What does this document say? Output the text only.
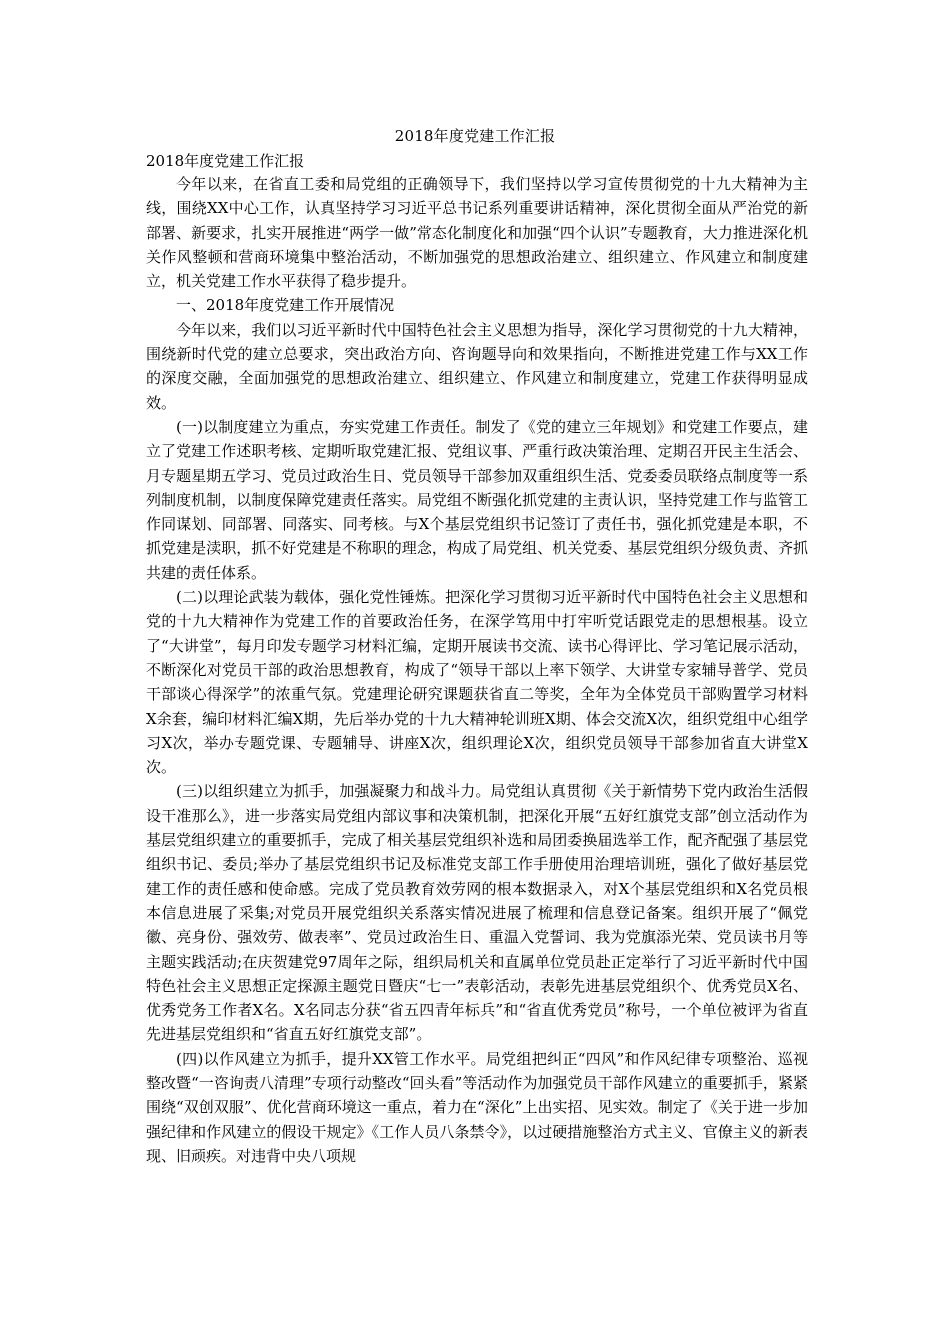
2018年度党建工作汇报
2018年度党建工作汇报

今年以来，在省直工委和局党组的正确领导下，我们坚持以学习宣传贯彻党的十九大精神为主线，围绕XX中心工作，认真坚持学习习近平总书记系列重要讲话精神，深化贯彻全面从严治党的新部署、新要求，扎实开展推进“两学一做”常态化制度化和加强“四个认识”专题教育，大力推进深化机关作风整顿和营商环境集中整治活动，不断加强党的思想政治建立、组织建立、作风建立和制度建立，机关党建工作水平获得了稳步提升。

一、2018年度党建工作开展情况

今年以来，我们以习近平新时代中国特色社会主义思想为指导，深化学习贯彻党的十九大精神，围绕新时代党的建立总要求，突出政治方向、咨询题导向和效果指向，不断推进党建工作与XX工作的深度交融，全面加强党的思想政治建立、组织建立、作风建立和制度建立，党建工作获得明显成效。

(一)以制度建立为重点，夯实党建工作责任。制发了《党的建立三年规划》和党建工作要点，建立了党建工作述职考核、定期听取党建汇报、党组议事、严重行政决策治理、定期召开民主生活会、月专题星期五学习、党员过政治生日、党员领导干部参加双重组织生活、党委委员联络点制度等一系列制度机制，以制度保障党建责任落实。局党组不断强化抓党建的主责认识，坚持党建工作与监管工作同谋划、同部署、同落实、同考核。与X个基层党组织书记签订了责任书，强化抓党建是本职，不抓党建是渎职，抓不好党建是不称职的理念，构成了局党组、机关党委、基层党组织分级负责、齐抓共建的责任体系。

(二)以理论武装为载体，强化党性锤炼。把深化学习贯彻习近平新时代中国特色社会主义思想和党的十九大精神作为党建工作的首要政治任务，在深学笃用中打牢听党话跟党走的思想根基。设立了“大讲堂”，每月印发专题学习材料汇编，定期开展读书交流、读书心得评比、学习笔记展示活动，不断深化对党员干部的政治思想教育，构成了“领导干部以上率下领学、大讲堂专家辅导普学、党员干部谈心得深学”的浓重气氛。党建理论研究课题获省直二等奖，全年为全体党员干部购置学习材料X余套，编印材料汇编X期，先后举办党的十九大精神轮训班X期、体会交流X次，组织党组中心组学习X次，举办专题党课、专题辅导、讲座X次，组织理论X次，组织党员领导干部参加省直大讲堂X次。

(三)以组织建立为抓手，加强凝聚力和战斗力。局党组认真贯彻《关于新情势下党内政治生活假设干准那么》，进一步落实局党组内部议事和决策机制，把深化开展“五好红旗党支部”创立活动作为基层党组织建立的重要抓手，完成了相关基层党组织补选和局团委换届选举工作，配齐配强了基层党组织书记、委员;举办了基层党组织书记及标准党支部工作手册使用治理培训班，强化了做好基层党建工作的责任感和使命感。完成了党员教育效劳网的根本数据录入，对X个基层党组织和X名党员根本信息进展了采集;对党员开展党组织关系落实情况进展了梳理和信息登记备案。组织开展了“佩党徽、亮身份、强效劳、做表率”、党员过政治生日、重温入党誓词、我为党旗添光荣、党员读书月等主题实践活动;在庆贺建党97周年之际，组织局机关和直属单位党员赴正定举行了习近平新时代中国特色社会主义思想正定探源主题党日暨庆“七一”表彰活动，表彰先进基层党组织个、优秀党员X名、优秀党务工作者X名。X名同志分获“省五四青年标兵”和“省直优秀党员”称号，一个单位被评为省直先进基层党组织和“省直五好红旗党支部”。

(四)以作风建立为抓手，提升XX管工作水平。局党组把纠正“四风”和作风纪律专项整治、巡视整改暨“一咨询责八清理”专项行动整改“回头看”等活动作为加强党员干部作风建立的重要抓手，紧紧围绕“双创双服”、优化营商环境这一重点，着力在“深化”上出实招、见实效。制定了《关于进一步加强纪律和作风建立的假设干规定》《工作人员八条禁令》，以过硬措施整治方式主义、官僚主义的新表现、旧顽疾。对违背中央八项规
